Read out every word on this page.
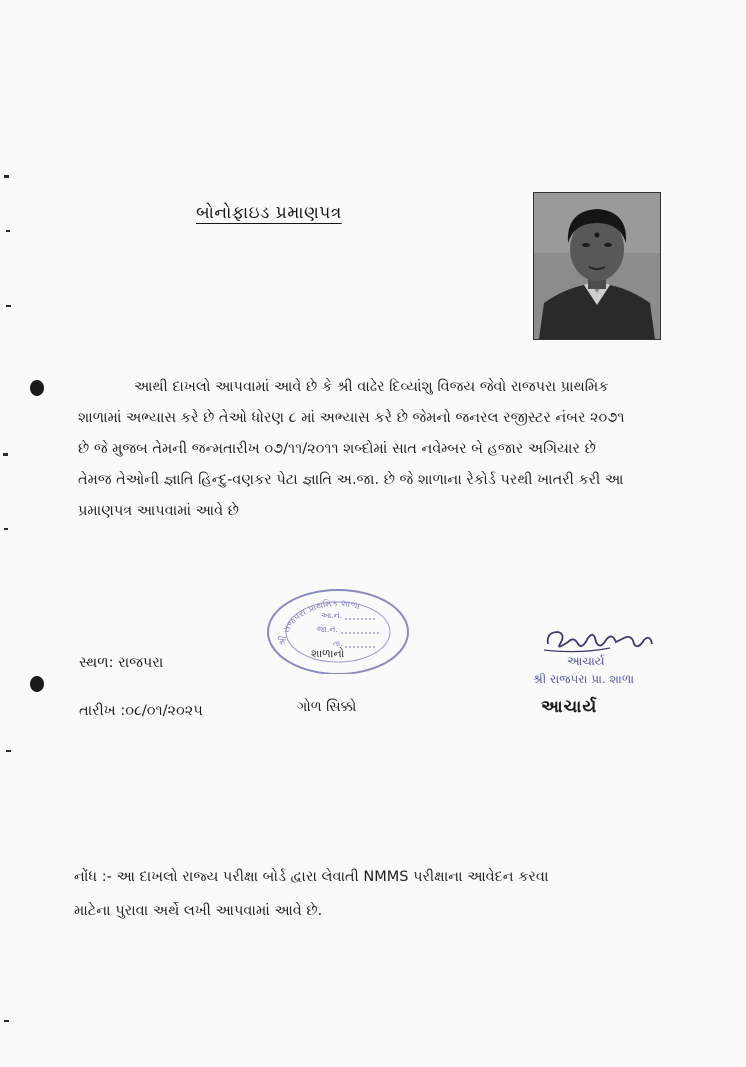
બોનોફાઇડ પ્રમાણપત્ર
આથી દાખલો આપવામાં આવે છે કે શ્રી વાઢેર દિવ્યાંશુ વિજય જેવો રાજપરા પ્રાથમિક
શાળામાં અભ્યાસ કરે છે તેઓ ધોરણ ૮ માં અભ્યાસ કરે છે જેમનો જનરલ રજીસ્ટર નંબર ૨૦૭૧
છે જે મુજબ તેમની જન્મતારીખ ૦૭/૧૧/૨૦૧૧ શબ્દોમાં સાત નવેમ્બર બે હજાર અગિયાર છે
તેમજ તેઓની જ્ઞાતિ હિન્દુ-વણકર પેટા જ્ઞાતિ અ.જા. છે જે શાળાના રેકોર્ડ પરથી ખાતરી કરી આ
પ્રમાણપત્ર આપવામાં આવે છે
સ્થળ: રાજપરા
તારીખ :૦૮/૦૧/૨૦૨૫
શ્રી રાજપરા પ્રાથમિક શાળા
આ.નં.
જા.નં.
તા.
શાળાનો
ગોળ સિક્કો
આચાર્ય
શ્રી રાજપરા પ્રા. શાળા
આચાર્ય
નોંધ :- આ દાખલો રાજ્ય પરીક્ષા બોર્ડ દ્વારા લેવાતી NMMS પરીક્ષાના આવેદન કરવા
માટેના પુરાવા અર્થે લખી આપવામાં આવે છે.
